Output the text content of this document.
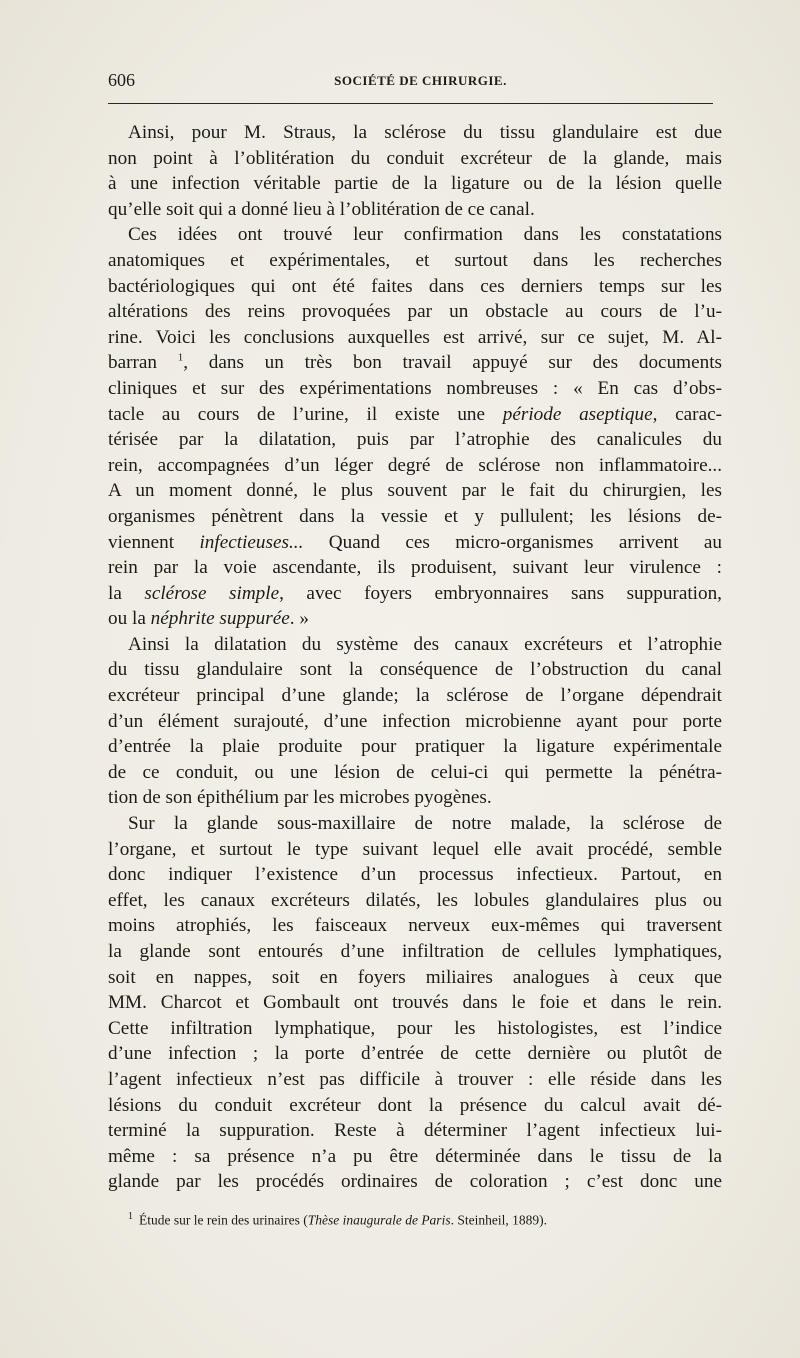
606	SOCIÉTÉ DE CHIRURGIE.
Ainsi, pour M. Straus, la sclérose du tissu glandulaire est due
non point à l’oblitération du conduit excréteur de la glande, mais
à une infection véritable partie de la ligature ou de la lésion quelle
qu’elle soit qui a donné lieu à l’oblitération de ce canal.
Ces idées ont trouvé leur confirmation dans les constatations
anatomiques et expérimentales, et surtout dans les recherches
bactériologiques qui ont été faites dans ces derniers temps sur les
altérations des reins provoquées par un obstacle au cours de l’u-
rine. Voici les conclusions auxquelles est arrivé, sur ce sujet, M. Al-
barran $^1$, dans un très bon travail appuyé sur des documents
cliniques et sur des expérimentations nombreuses : « En cas d’obs-
tacle au cours de l’urine, il existe une période aseptique, carac-
térisée par la dilatation, puis par l’atrophie des canalicules du
rein, accompagnées d’un léger degré de sclérose non inflammatoire...
A un moment donné, le plus souvent par le fait du chirurgien, les
organismes pénètrent dans la vessie et y pullulent; les lésions de-
viennent infectieuses... Quand ces micro-organismes arrivent au
rein par la voie ascendante, ils produisent, suivant leur virulence :
la sclérose simple, avec foyers embryonnaires sans suppuration,
ou la néphrite suppurée. »
Ainsi la dilatation du système des canaux excréteurs et l’atrophie
du tissu glandulaire sont la conséquence de l’obstruction du canal
excréteur principal d’une glande; la sclérose de l’organe dépendrait
d’un élément surajouté, d’une infection microbienne ayant pour porte
d’entrée la plaie produite pour pratiquer la ligature expérimentale
de ce conduit, ou une lésion de celui-ci qui permette la pénétra-
tion de son épithélium par les microbes pyogènes.
Sur la glande sous-maxillaire de notre malade, la sclérose de
l’organe, et surtout le type suivant lequel elle avait procédé, semble
donc indiquer l’existence d’un processus infectieux. Partout, en
effet, les canaux excréteurs dilatés, les lobules glandulaires plus ou
moins atrophiés, les faisceaux nerveux eux-mêmes qui traversent
la glande sont entourés d’une infiltration de cellules lymphatiques,
soit en nappes, soit en foyers miliaires analogues à ceux que
MM. Charcot et Gombault ont trouvés dans le foie et dans le rein.
Cette infiltration lymphatique, pour les histologistes, est l’indice
d’une infection ; la porte d’entrée de cette dernière ou plutôt de
l’agent infectieux n’est pas difficile à trouver : elle réside dans les
lésions du conduit excréteur dont la présence du calcul avait dé-
terminé la suppuration. Reste à déterminer l’agent infectieux lui-
même : sa présence n’a pu être déterminée dans le tissu de la
glande par les procédés ordinaires de coloration ; c’est donc une
$^1$ Étude sur le rein des urinaires (Thèse inaugurale de Paris. Steinheil, 1889).
